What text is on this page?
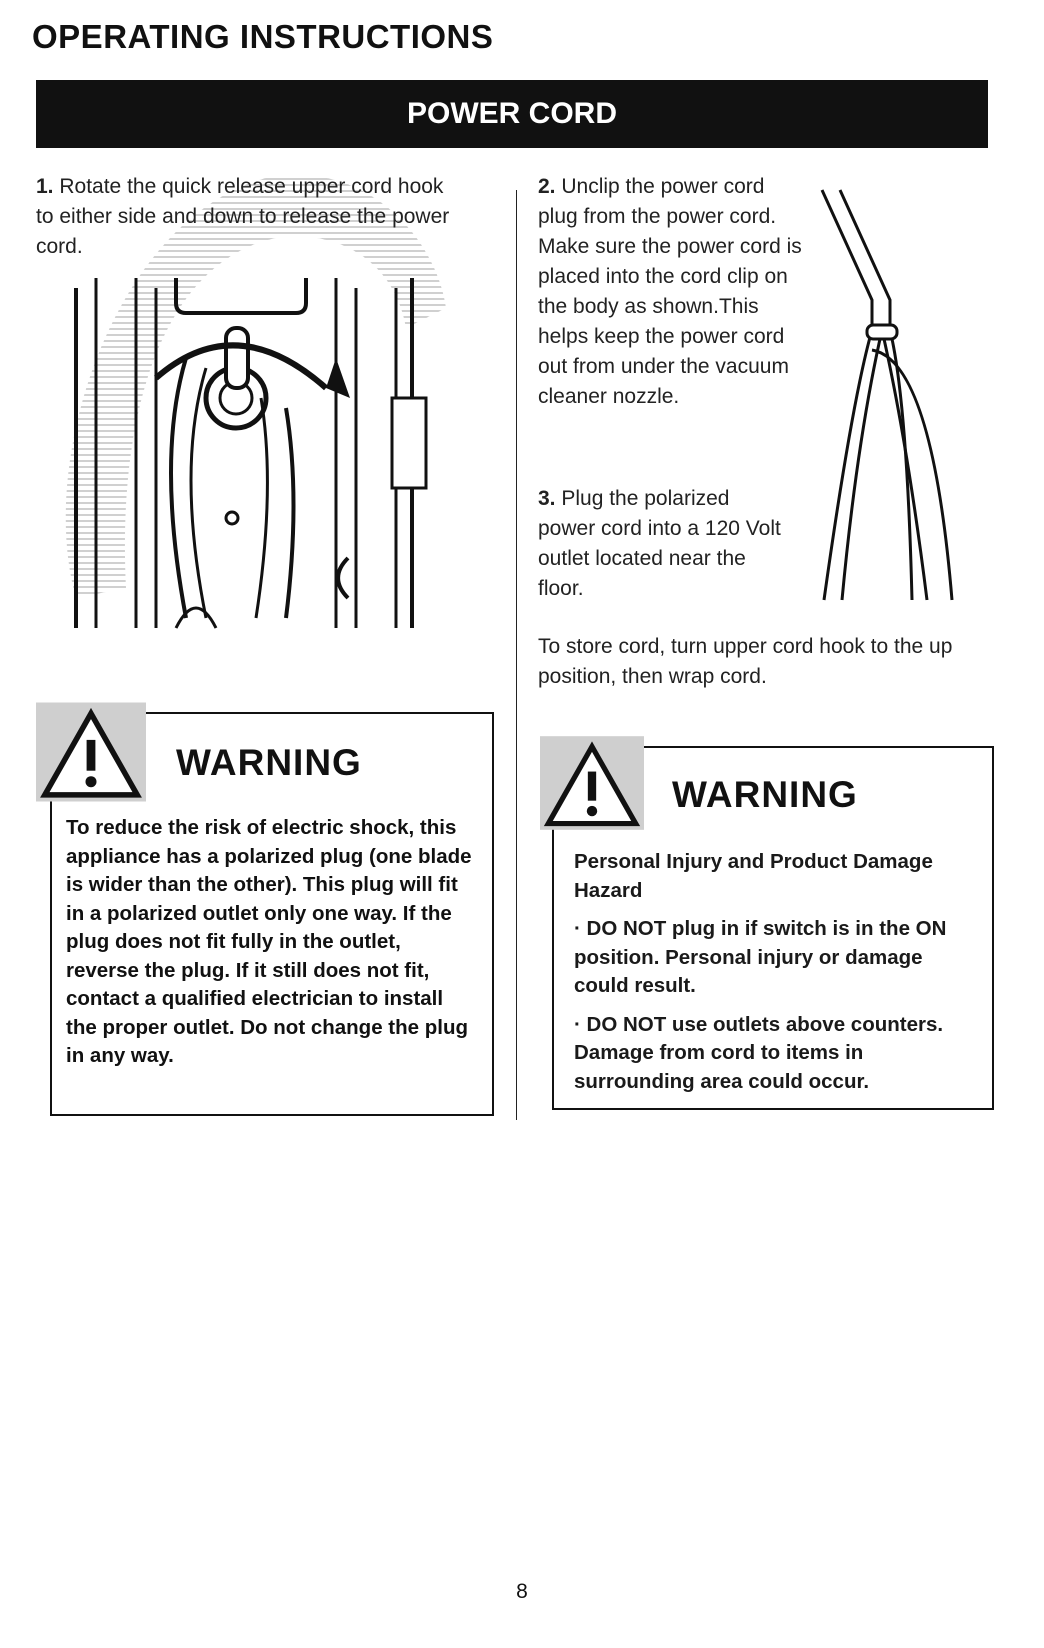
OPERATING INSTRUCTIONS
POWER CORD
1. Rotate the quick release upper cord hook to either side and down to release the power cord.
2. Unclip the power cord plug from the power cord. Make sure the power cord is placed into the cord clip on the body as shown.This helps keep the power cord out from under the vacuum cleaner nozzle.
3. Plug the polarized power cord into a 120 Volt outlet located near the floor.
To store cord, turn upper cord hook to the up position, then wrap cord.
WARNING

To reduce the risk of electric shock, this appliance has a polarized plug (one blade is wider than the other). This plug will fit in a polarized outlet only one way. If the plug does not fit fully in the outlet, reverse the plug. If it still does not fit, contact a qualified electrician to install the proper outlet. Do not change the plug in any way.

WARNING

Personal Injury and Product Damage Hazard

· DO NOT plug in if switch is in the ON position. Personal injury or damage could result.

· DO NOT use outlets above counters. Damage from cord to items in surrounding area could occur.

8
